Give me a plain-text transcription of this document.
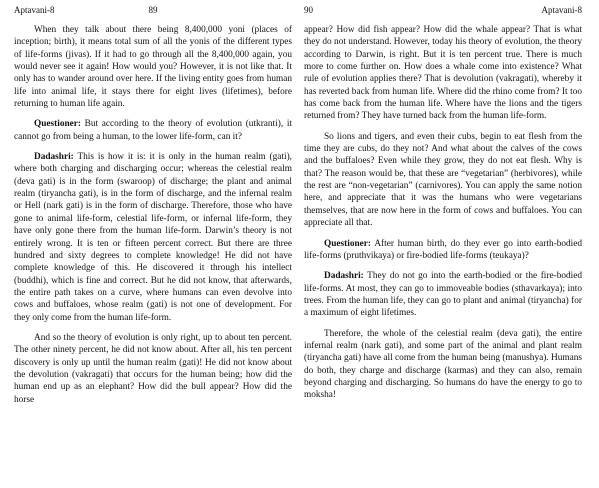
Aptavani-8	89

When they talk about there being 8,400,000 yoni (places of inception; birth), it means total sum of all the yonis of the different types of life-forms (jivas). If it had to go through all the 8,400,000 again, you would never see it again! How would you? However, it is not like that. It only has to wander around over here. If the living entity goes from human life into animal life, it stays there for eight lives (lifetimes), before returning to human life again.

Questioner: But according to the theory of evolution (utkranti), it cannot go from being a human, to the lower life-form, can it?

Dadashri: This is how it is: it is only in the human realm (gati), where both charging and discharging occur; whereas the celestial realm (deva gati) is in the form (swaroop) of discharge; the plant and animal realm (tiryancha gati), is in the form of discharge, and the infernal realm or Hell (nark gati) is in the form of discharge. Therefore, those who have gone to animal life-form, celestial life-form, or infernal life-form, they have only gone there from the human life-form. Darwin’s theory is not entirely wrong. It is ten or fifteen percent correct. But there are three hundred and sixty degrees to complete knowledge! He did not have complete knowledge of this. He discovered it through his intellect (buddhi), which is fine and correct. But he did not know, that afterwards, the entire path takes on a curve, where humans can even devolve into cows and buffaloes, whose realm (gati) is not one of development. For they only come from the human life-form.

And so the theory of evolution is only right, up to about ten percent. The other ninety percent, he did not know about. After all, his ten percent discovery is only up until the human realm (gati)! He did not know about the devolution (vakragati) that occurs for the human being; how did the human end up as an elephant? How did the bull appear? How did the horse

90	Aptavani-8

appear? How did fish appear? How did the whale appear? That is what they do not understand. However, today his theory of evolution, the theory according to Darwin, is right. But it is ten percent true. There is much more to come further on. How does a whale come into existence? What rule of evolution applies there? That is devolution (vakragati), whereby it has reverted back from human life. Where did the rhino come from? It too has come back from the human life. Where have the lions and the tigers returned from? They have turned back from the human life-form.

So lions and tigers, and even their cubs, begin to eat flesh from the time they are cubs, do they not? And what about the calves of the cows and the buffaloes? Even while they grow, they do not eat flesh. Why is that? The reason would be, that these are “vegetarian” (herbivores), while the rest are “non-vegetarian” (carnivores). You can apply the same notion here, and appreciate that it was the humans who were vegetarians themselves, that are now here in the form of cows and buffaloes. You can appreciate all that.

Questioner: After human birth, do they ever go into earth-bodied life-forms (pruthvikaya) or fire-bodied life-forms (teukaya)?

Dadashri: They do not go into the earth-bodied or the fire-bodied life-forms. At most, they can go to immoveable bodies (sthavarkaya); into trees. From the human life, they can go to plant and animal (tiryancha) for a maximum of eight lifetimes.

Therefore, the whole of the celestial realm (deva gati), the entire infernal realm (nark gati), and some part of the animal and plant realm (tiryancha gati) have all come from the human being (manushya). Humans do both, they charge and discharge (karmas) and they can also, remain beyond charging and discharging. So humans do have the energy to go to moksha!
